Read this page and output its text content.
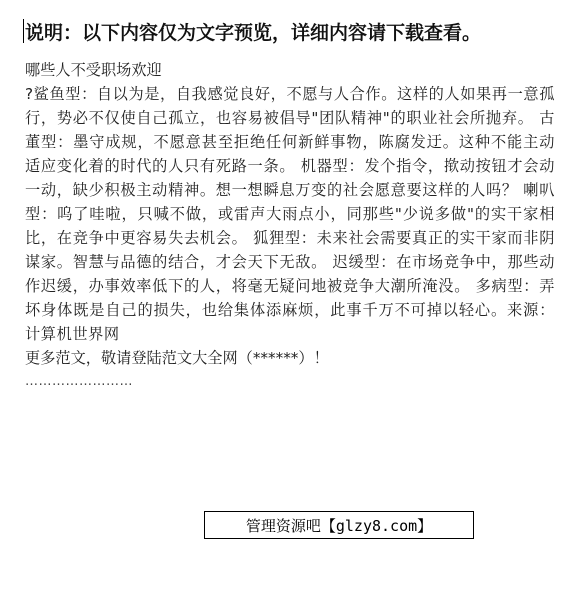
说明：以下内容仅为文字预览，详细内容请下载查看。

哪些人不受职场欢迎

?鲨鱼型：自以为是，自我感觉良好，不愿与人合作。这样的人如果再一意孤行，势必不仅使自己孤立，也容易被倡导"团队精神"的职业社会所抛弃。 古董型：墨守成规，不愿意甚至拒绝任何新鲜事物，陈腐发迂。这种不能主动适应变化着的时代的人只有死路一条。 机器型：发个指令，揿动按钮才会动一动，缺少积极主动精神。想一想瞬息万变的社会愿意要这样的人吗？ 喇叭型：呜了哇啦，只喊不做，或雷声大雨点小，同那些"少说多做"的实干家相比，在竞争中更容易失去机会。 狐狸型：未来社会需要真正的实干家而非阴谋家。智慧与品德的结合，才会天下无敌。 迟缓型：在市场竞争中，那些动作迟缓，办事效率低下的人，将毫无疑问地被竞争大潮所淹没。 多病型：弄坏身体既是自己的损失，也给集体添麻烦，此事千万不可掉以轻心。来源：计算机世界网

更多范文，敬请登陆范文大全网（******）！

……………………

管理资源吧【glzy8.com】
